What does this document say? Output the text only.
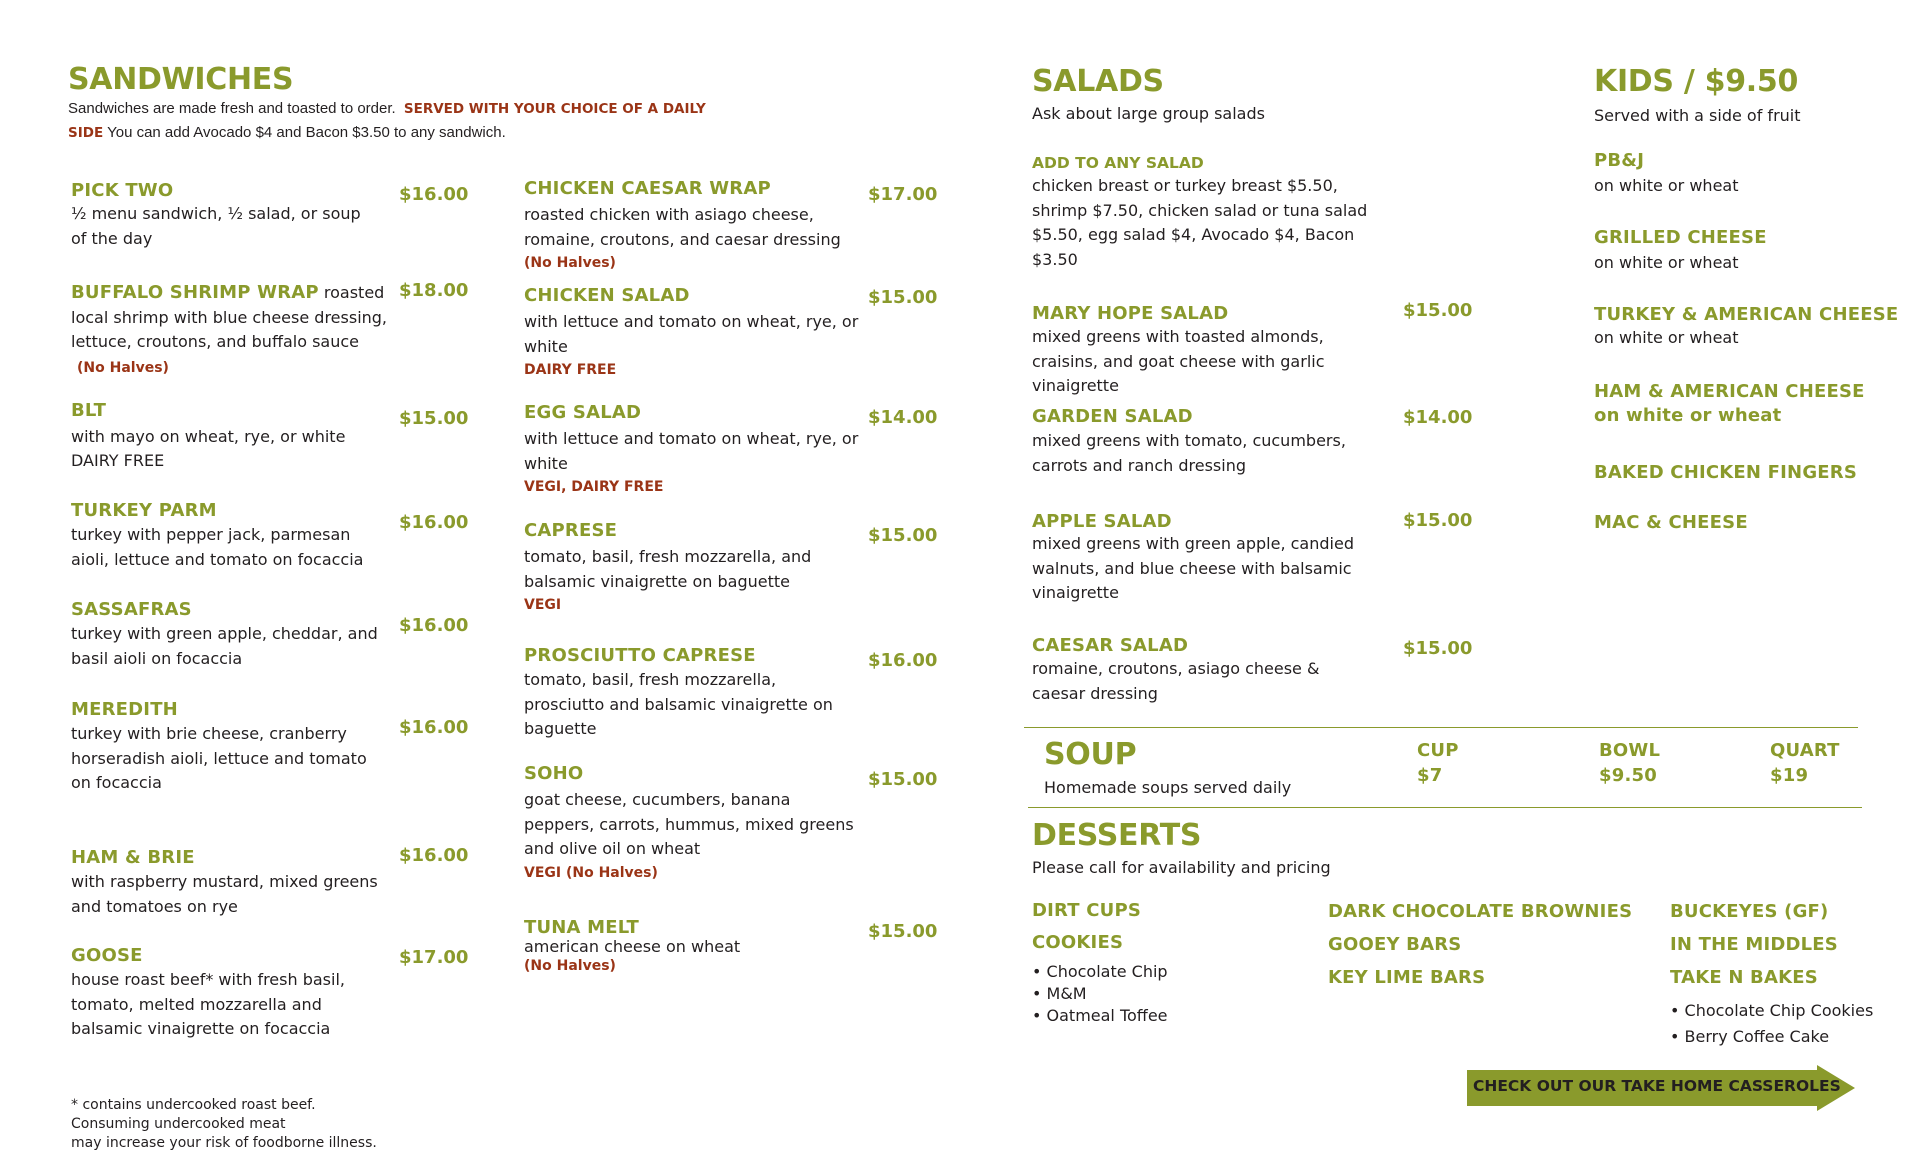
SANDWICHES
Sandwiches are made fresh and toasted to order. SERVED WITH YOUR CHOICE OF A DAILY
SIDE You can add Avocado $4 and Bacon $3.50 to any sandwich.
PICK TWO
½ menu sandwich, ½ salad, or soup of the day
$16.00
BUFFALO SHRIMP WRAP roasted local shrimp with blue cheese dressing, lettuce, croutons, and buffalo sauce (No Halves)
$18.00
BLT
with mayo on wheat, rye, or white
DAIRY FREE
$15.00
TURKEY PARM
turkey with pepper jack, parmesan aioli, lettuce and tomato on focaccia
$16.00
SASSAFRAS
turkey with green apple, cheddar, and basil aioli on focaccia
$16.00
MEREDITH
turkey with brie cheese, cranberry horseradish aioli, lettuce and tomato on focaccia
$16.00
HAM & BRIE
with raspberry mustard, mixed greens and tomatoes on rye
$16.00
GOOSE
house roast beef* with fresh basil, tomato, melted mozzarella and balsamic vinaigrette on focaccia
$17.00
* contains undercooked roast beef.
Consuming undercooked meat
may increase your risk of foodborne illness.
CHICKEN CAESAR WRAP
roasted chicken with asiago cheese, romaine, croutons, and caesar dressing
(No Halves)
$17.00
CHICKEN SALAD
with lettuce and tomato on wheat, rye, or white
DAIRY FREE
$15.00
EGG SALAD
with lettuce and tomato on wheat, rye, or white
VEGI, DAIRY FREE
$14.00
CAPRESE
tomato, basil, fresh mozzarella, and balsamic vinaigrette on baguette
VEGI
$15.00
PROSCIUTTO CAPRESE
tomato, basil, fresh mozzarella, prosciutto and balsamic vinaigrette on baguette
$16.00
SOHO
goat cheese, cucumbers, banana peppers, carrots, hummus, mixed greens and olive oil on wheat
VEGI (No Halves)
$15.00
TUNA MELT
american cheese on wheat
(No Halves)
$15.00
SALADS
Ask about large group salads
ADD TO ANY SALAD
chicken breast or turkey breast $5.50, shrimp $7.50, chicken salad or tuna salad $5.50, egg salad $4, Avocado $4, Bacon $3.50
MARY HOPE SALAD
mixed greens with toasted almonds, craisins, and goat cheese with garlic vinaigrette
$15.00
GARDEN SALAD
mixed greens with tomato, cucumbers, carrots and ranch dressing
$14.00
APPLE SALAD
mixed greens with green apple, candied walnuts, and blue cheese with balsamic vinaigrette
$15.00
CAESAR SALAD
romaine, croutons, asiago cheese & caesar dressing
$15.00
KIDS / $9.50
Served with a side of fruit
PB&J
on white or wheat
GRILLED CHEESE
on white or wheat
TURKEY & AMERICAN CHEESE
on white or wheat
HAM & AMERICAN CHEESE
on white or wheat
BAKED CHICKEN FINGERS
MAC & CHEESE
SOUP
Homemade soups served daily
CUP
$7
BOWL
$9.50
QUART
$19
DESSERTS
Please call for availability and pricing
DIRT CUPS
COOKIES
• Chocolate Chip
• M&M
• Oatmeal Toffee
DARK CHOCOLATE BROWNIES
GOOEY BARS
KEY LIME BARS
BUCKEYES (GF)
IN THE MIDDLES
TAKE N BAKES
• Chocolate Chip Cookies
• Berry Coffee Cake
CHECK OUT OUR TAKE HOME CASSEROLES
